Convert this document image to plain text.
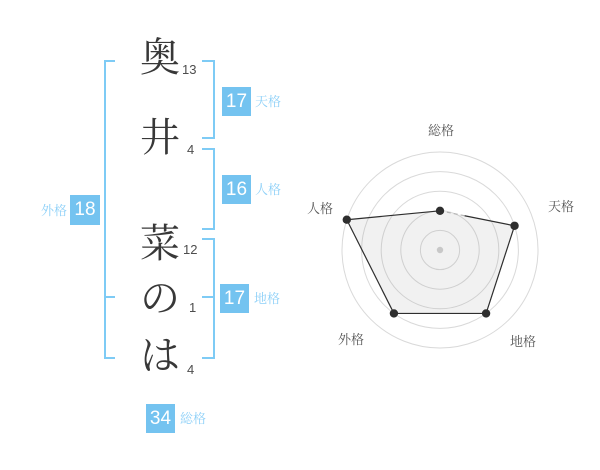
奥
井
菜
の
は
13
4
12
1
4
17 天格
16 人格
18
外格
17 地格
34 総格
総格
天格
地格
外格
人格
